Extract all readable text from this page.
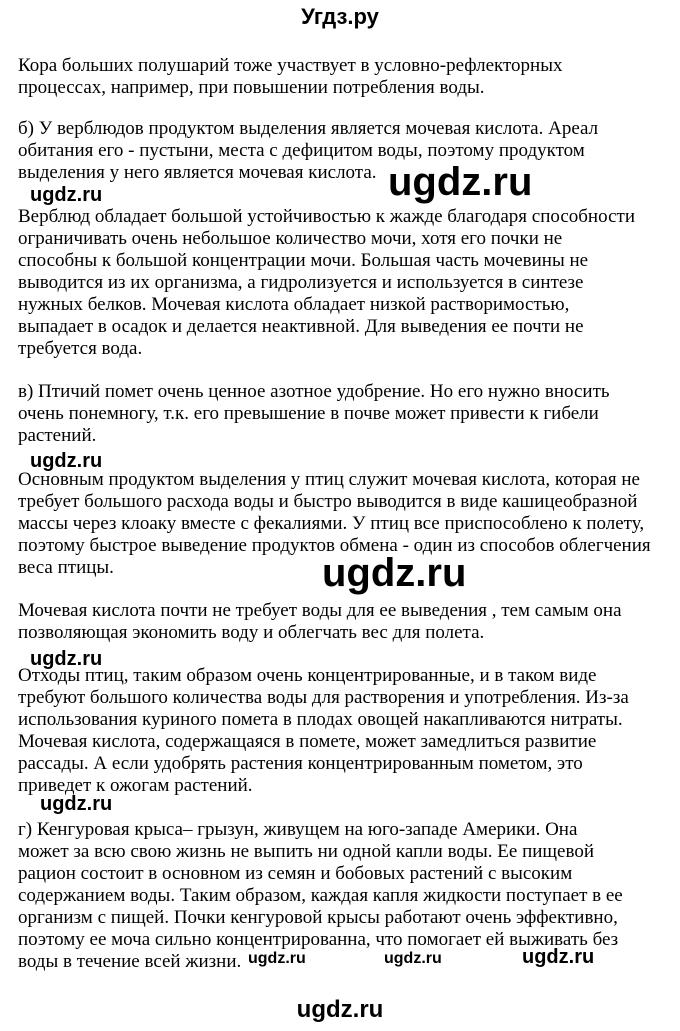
Угдз.ру
Кора больших полушарий тоже участвует в условно-рефлекторных
процессах, например, при повышении потребления воды.
б) У верблюдов продуктом выделения является мочевая кислота. Ареал
обитания его - пустыни, места с дефицитом воды, поэтому продуктом
выделения у него является мочевая кислота.
Верблюд обладает большой устойчивостью к жажде благодаря способности
ограничивать очень небольшое количество мочи, хотя его почки не
способны к большой концентрации мочи. Большая часть мочевины не
выводится из их организма, а гидролизуется и используется в синтезе
нужных белков. Мочевая кислота обладает низкой растворимостью,
выпадает в осадок и делается неактивной. Для выведения ее почти не
требуется вода.
в) Птичий помет очень ценное азотное удобрение. Но его нужно вносить
очень понемногу, т.к. его превышение в почве может привести к гибели
растений.
Основным продуктом выделения у птиц служит мочевая кислота, которая не
требует большого расхода воды и быстро выводится в виде кашицеобразной
массы через клоаку вместе с фекалиями. У птиц все приспособлено к полету,
поэтому быстрое выведение продуктов обмена - один из способов облегчения
веса птицы.
Мочевая кислота почти не требует воды для ее выведения , тем самым она
позволяющая экономить воду и облегчать вес для полета.
Отходы птиц, таким образом очень концентрированные, и в таком виде
требуют большого количества воды для растворения и употребления. Из-за
использования куриного помета в плодах овощей накапливаются нитраты.
Мочевая кислота, содержащаяся в помете, может замедлиться развитие
рассады. А если удобрять растения концентрированным пометом, это
приведет к ожогам растений.
г) Кенгуровая крыса– грызун, живущем на юго-западе Америки. Она
может за всю свою жизнь не выпить ни одной капли воды. Ее пищевой
рацион состоит в основном из семян и бобовых растений с высоким
содержанием воды. Таким образом, каждая капля жидкости поступает в ее
организм с пищей. Почки кенгуровой крысы работают очень эффективно,
поэтому ее моча сильно концентрированна, что помогает ей выживать без
воды в течение всей жизни.
ugdz.ru	ugdz.ru
ugdz.ru
ugdz.ru
ugdz.ru
ugdz.ru
ugdz.ru	ugdz.ru	ugdz.ru
ugdz.ru
